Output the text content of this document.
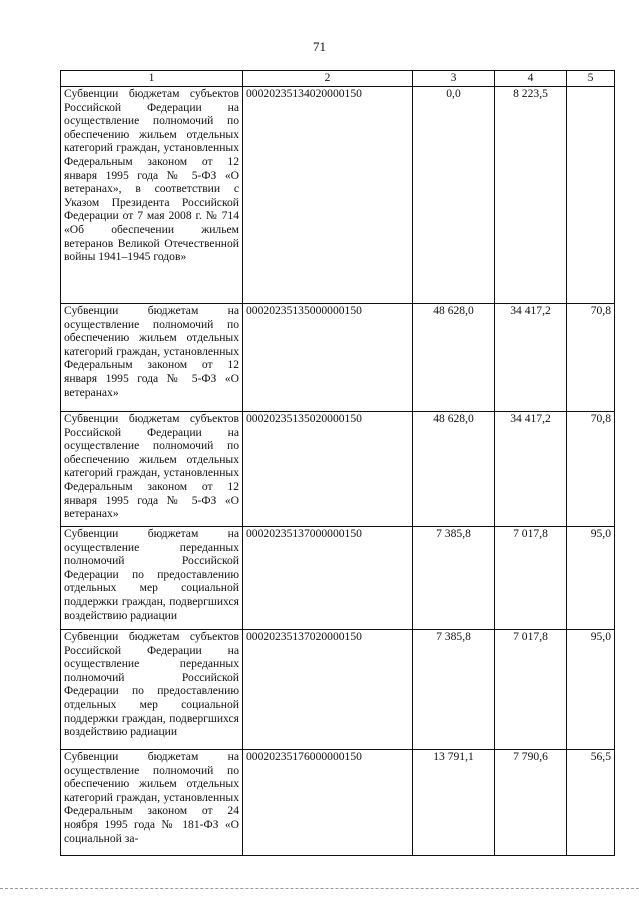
71
1	2	3	4	5
Субвенции бюджетам субъектов Российской Федерации на осуществление полномочий по обеспечению жильем отдельных категорий граждан, установленных Федеральным законом от 12 января 1995 года № 5-ФЗ «О ветеранах», в соответствии с Указом Президента Российской Федерации от 7 мая 2008 г. № 714 «Об обеспечении жильем ветеранов Великой Отечественной войны 1941–1945 годов»	00020235134020000150	0,0	8 223,5	
Субвенции бюджетам на осуществление полномочий по обеспечению жильем отдельных категорий граждан, установленных Федеральным законом от 12 января 1995 года № 5-ФЗ «О ветеранах»	00020235135000000150	48 628,0	34 417,2	70,8
Субвенции бюджетам субъектов Российской Федерации на осуществление полномочий по обеспечению жильем отдельных категорий граждан, установленных Федеральным законом от 12 января 1995 года № 5-ФЗ «О ветеранах»	00020235135020000150	48 628,0	34 417,2	70,8
Субвенции бюджетам на осуществление переданных полномочий Российской Федерации по предоставлению отдельных мер социальной поддержки граждан, подвергшихся воздействию радиации	00020235137000000150	7 385,8	7 017,8	95,0
Субвенции бюджетам субъектов Российской Федерации на осуществление переданных полномочий Российской Федерации по предоставлению отдельных мер социальной поддержки граждан, подвергшихся воздействию радиации	00020235137020000150	7 385,8	7 017,8	95,0
Субвенции бюджетам на осуществление полномочий по обеспечению жильем отдельных категорий граждан, установленных Федеральным законом от 24 ноября 1995 года № 181-ФЗ «О социальной за-	00020235176000000150	13 791,1	7 790,6	56,5
